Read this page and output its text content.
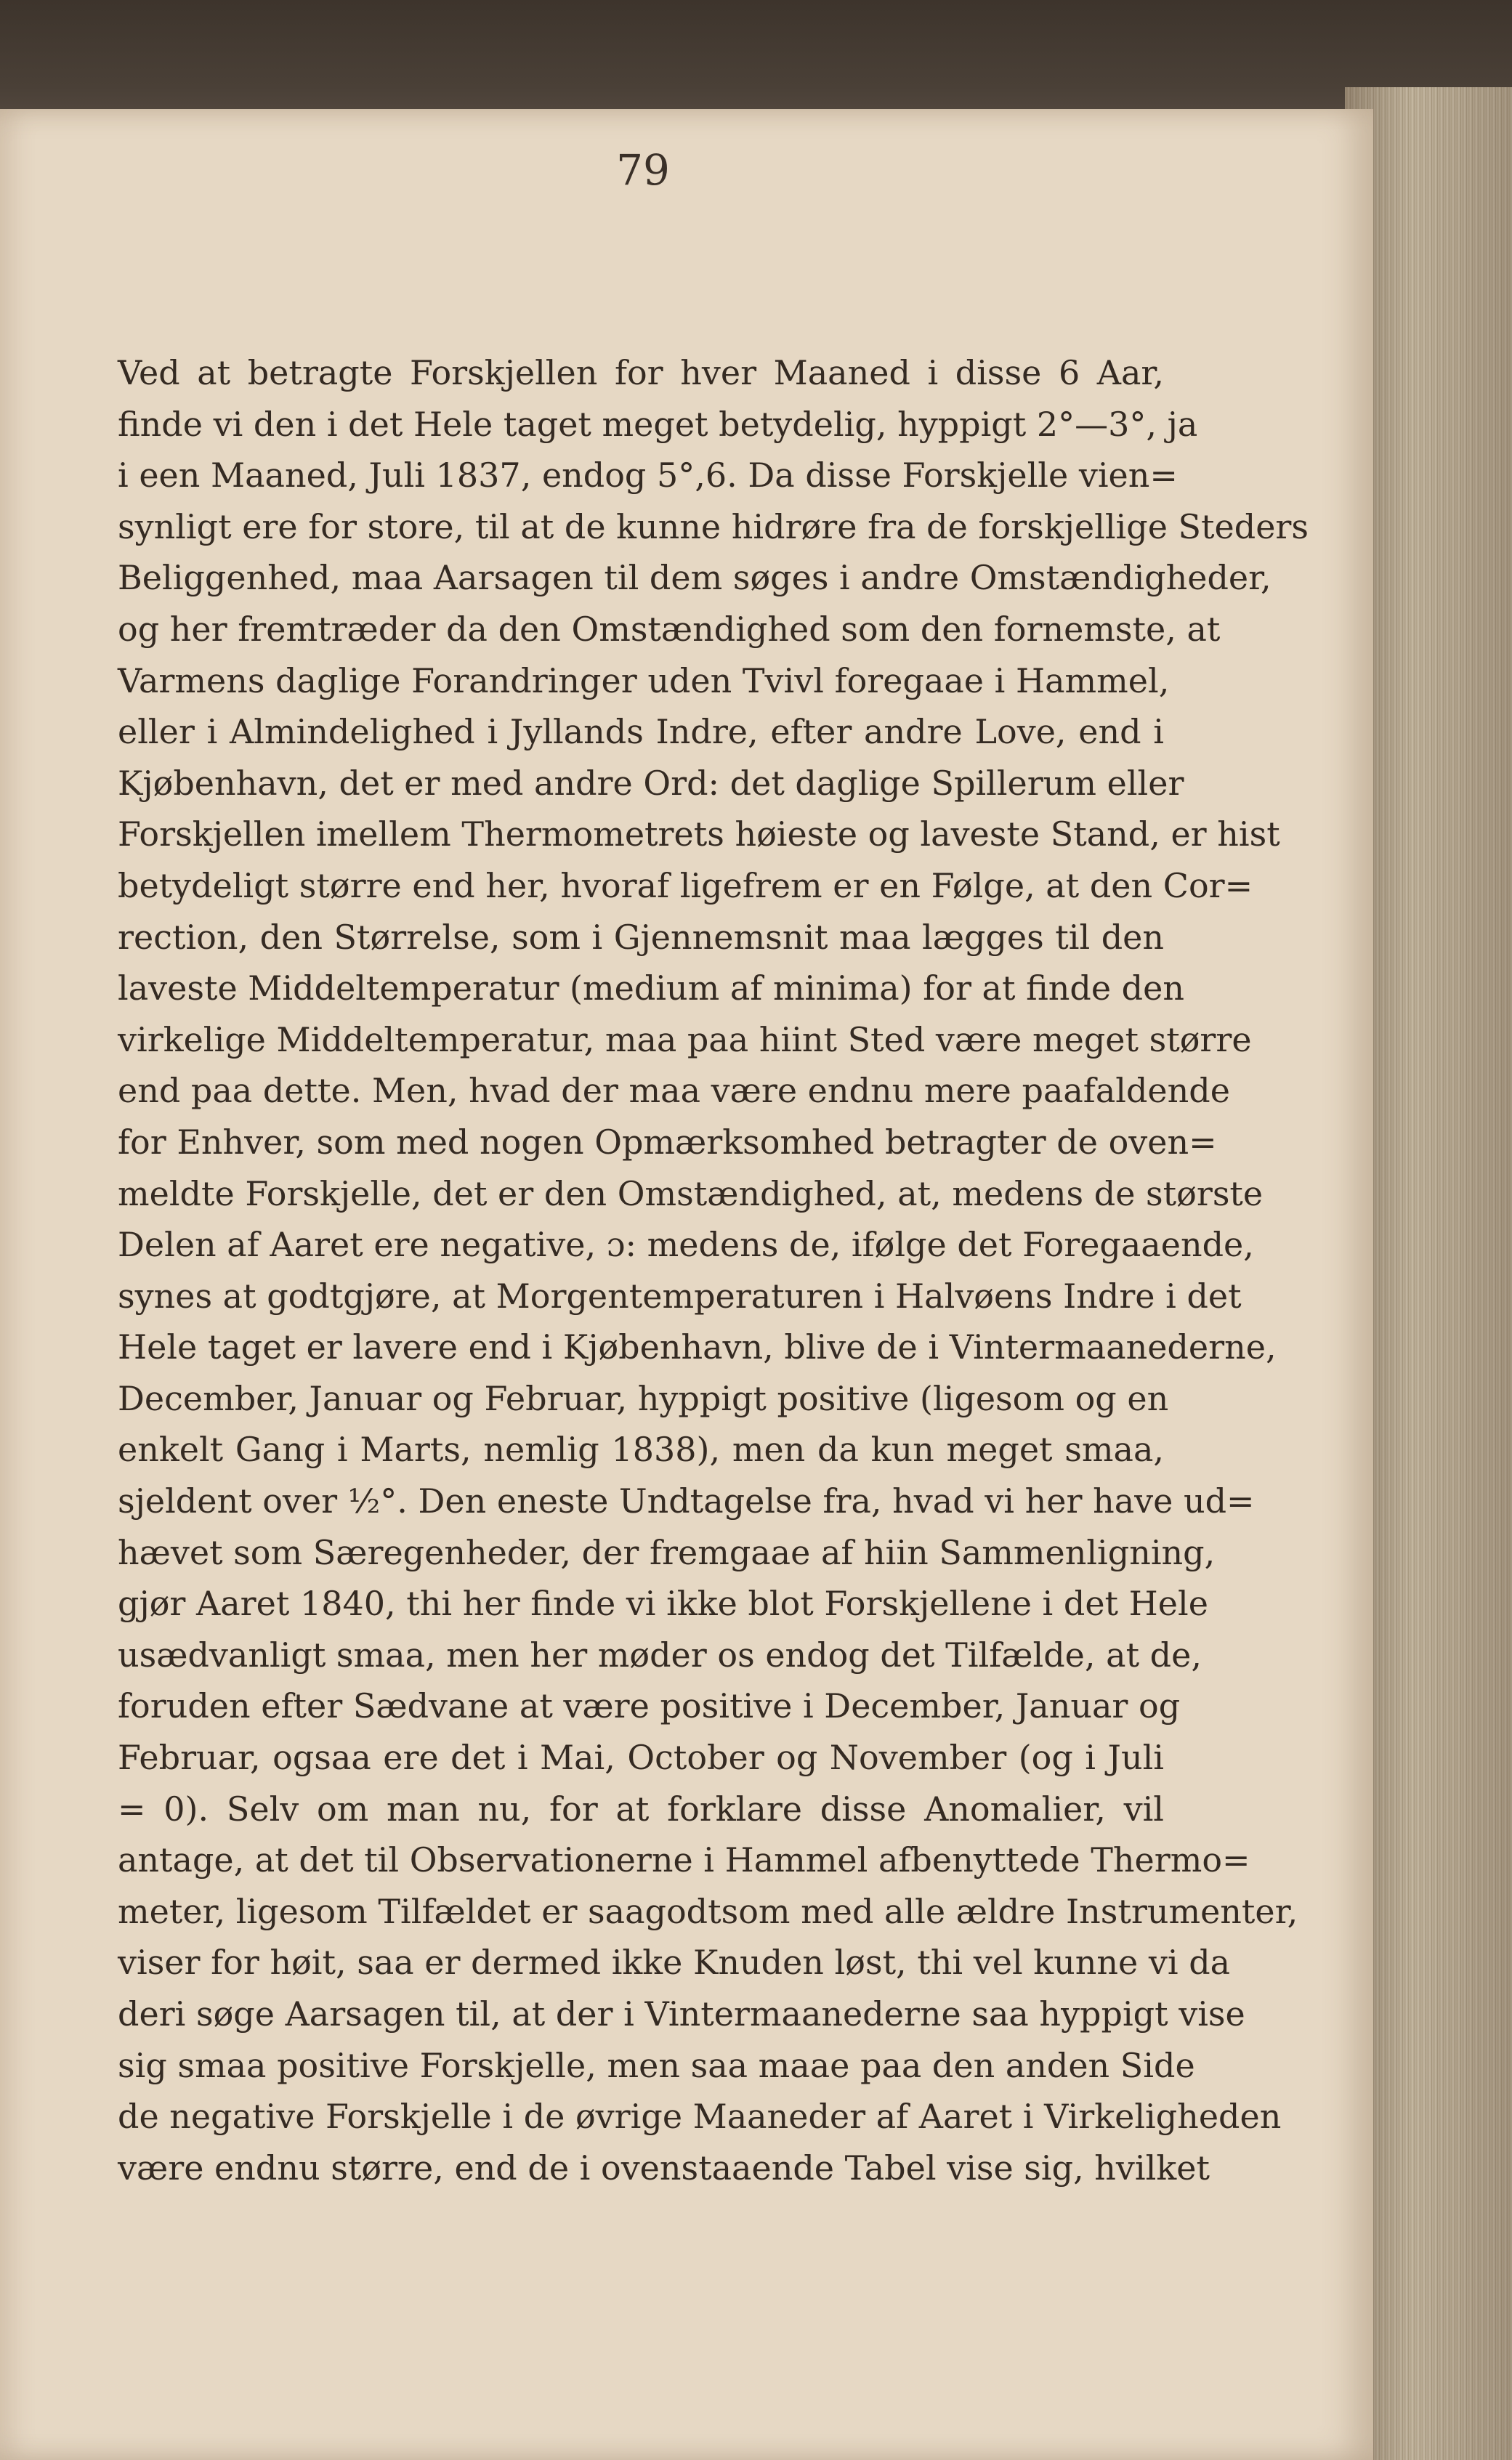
79
Ved at betragte Forskjellen for hver Maaned i disse 6 Aar,
finde vi den i det Hele taget meget betydelig, hyppigt 2°—3°, ja
i een Maaned, Juli 1837, endog 5°,6. Da disse Forskjelle vien=
synligt ere for store, til at de kunne hidrøre fra de forskjellige Steders
Beliggenhed, maa Aarsagen til dem søges i andre Omstændigheder,
og her fremtræder da den Omstændighed som den fornemste, at
Varmens daglige Forandringer uden Tvivl foregaae i Hammel,
eller i Almindelighed i Jyllands Indre, efter andre Love, end i
Kjøbenhavn, det er med andre Ord: det daglige Spillerum eller
Forskjellen imellem Thermometrets høieste og laveste Stand, er hist
betydeligt større end her, hvoraf ligefrem er en Følge, at den Cor=
rection, den Størrelse, som i Gjennemsnit maa lægges til den
laveste Middeltemperatur (medium af minima) for at finde den
virkelige Middeltemperatur, maa paa hiint Sted være meget større
end paa dette. Men, hvad der maa være endnu mere paafaldende
for Enhver, som med nogen Opmærksomhed betragter de oven=
meldte Forskjelle, det er den Omstændighed, at, medens de største
Delen af Aaret ere negative, ɔ: medens de, ifølge det Foregaaende,
synes at godtgjøre, at Morgentemperaturen i Halvøens Indre i det
Hele taget er lavere end i Kjøbenhavn, blive de i Vintermaanederne,
December, Januar og Februar, hyppigt positive (ligesom og en
enkelt Gang i Marts, nemlig 1838), men da kun meget smaa,
sjeldent over ½°. Den eneste Undtagelse fra, hvad vi her have ud=
hævet som Særegenheder, der fremgaae af hiin Sammenligning,
gjør Aaret 1840, thi her finde vi ikke blot Forskjellene i det Hele
usædvanligt smaa, men her møder os endog det Tilfælde, at de,
foruden efter Sædvane at være positive i December, Januar og
Februar, ogsaa ere det i Mai, October og November (og i Juli
= 0). Selv om man nu, for at forklare disse Anomalier, vil
antage, at det til Observationerne i Hammel afbenyttede Thermo=
meter, ligesom Tilfældet er saagodtsom med alle ældre Instrumenter,
viser for høit, saa er dermed ikke Knuden løst, thi vel kunne vi da
deri søge Aarsagen til, at der i Vintermaanederne saa hyppigt vise
sig smaa positive Forskjelle, men saa maae paa den anden Side
de negative Forskjelle i de øvrige Maaneder af Aaret i Virkeligheden
være endnu større, end de i ovenstaaende Tabel vise sig, hvilket
